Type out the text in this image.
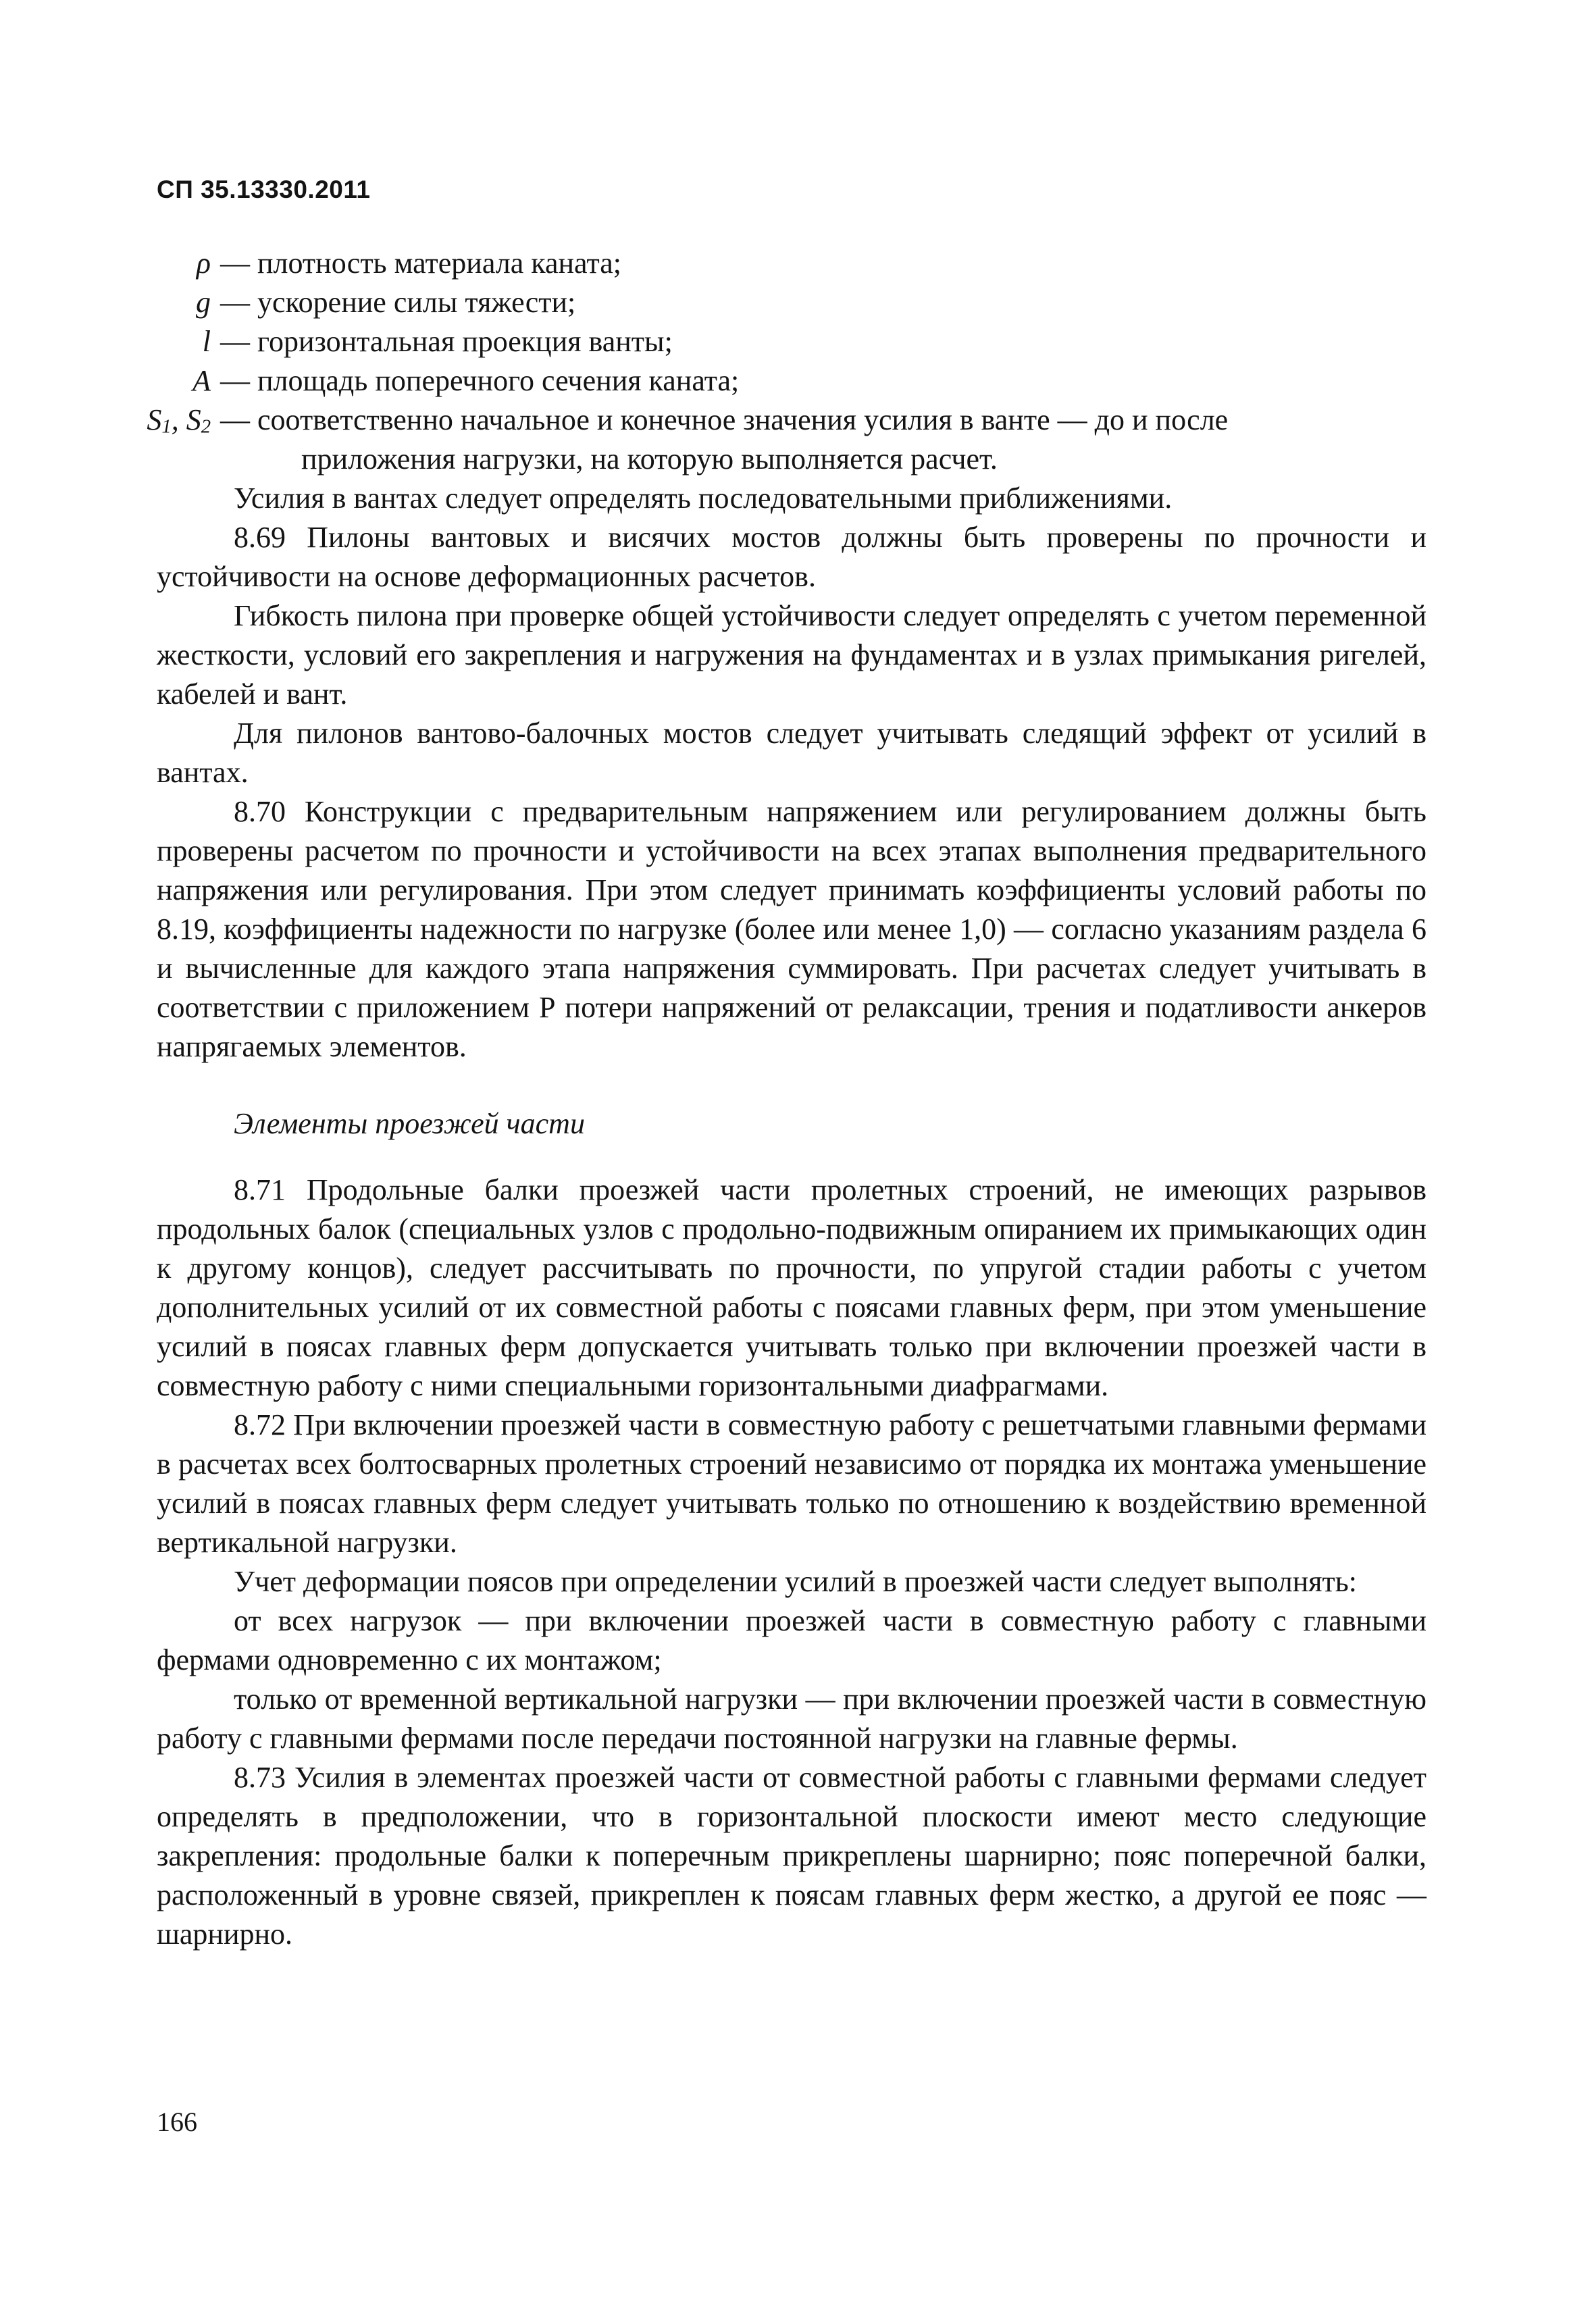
СП 35.13330.2011
ρ — плотность материала каната;
g — ускорение силы тяжести;
l — горизонтальная проекция ванты;
A — площадь поперечного сечения каната;
$S_1$, $S_2$ — соответственно начальное и конечное значения усилия в ванте — до и после
приложения нагрузки, на которую выполняется расчет.

Усилия в вантах следует определять последовательными приближениями.

8.69 Пилоны вантовых и висячих мостов должны быть проверены по прочности и устойчивости на основе деформационных расчетов.

Гибкость пилона при проверке общей устойчивости следует определять с учетом переменной жесткости, условий его закрепления и нагружения на фундаментах и в узлах примыкания ригелей, кабелей и вант.

Для пилонов вантово-балочных мостов следует учитывать следящий эффект от усилий в вантах.

8.70 Конструкции с предварительным напряжением или регулированием должны быть проверены расчетом по прочности и устойчивости на всех этапах выполнения предварительного напряжения или регулирования. При этом следует принимать коэффициенты условий работы по 8.19, коэффициенты надежности по нагрузке (более или менее 1,0) — согласно указаниям раздела 6 и вычисленные для каждого этапа напряжения суммировать. При расчетах следует учитывать в соответствии с приложением Р потери напряжений от релаксации, трения и податливости анкеров напрягаемых элементов.

Элементы проезжей части

8.71 Продольные балки проезжей части пролетных строений, не имеющих разрывов продольных балок (специальных узлов с продольно-подвижным опиранием их примыкающих один к другому концов), следует рассчитывать по прочности, по упругой стадии работы с учетом дополнительных усилий от их совместной работы с поясами главных ферм, при этом уменьшение усилий в поясах главных ферм допускается учитывать только при включении проезжей части в совместную работу с ними специальными горизонтальными диафрагмами.

8.72 При включении проезжей части в совместную работу с решетчатыми главными фермами в расчетах всех болтосварных пролетных строений независимо от порядка их монтажа уменьшение усилий в поясах главных ферм следует учитывать только по отношению к воздействию временной вертикальной нагрузки.

Учет деформации поясов при определении усилий в проезжей части следует выполнять:

от всех нагрузок — при включении проезжей части в совместную работу с главными фермами одновременно с их монтажом;

только от временной вертикальной нагрузки — при включении проезжей части в совместную работу с главными фермами после передачи постоянной нагрузки на главные фермы.

8.73 Усилия в элементах проезжей части от совместной работы с главными фермами следует определять в предположении, что в горизонтальной плоскости имеют место следующие закрепления: продольные балки к поперечным прикреплены шарнирно; пояс поперечной балки, расположенный в уровне связей, прикреплен к поясам главных ферм жестко, а другой ее пояс — шарнирно.

166
